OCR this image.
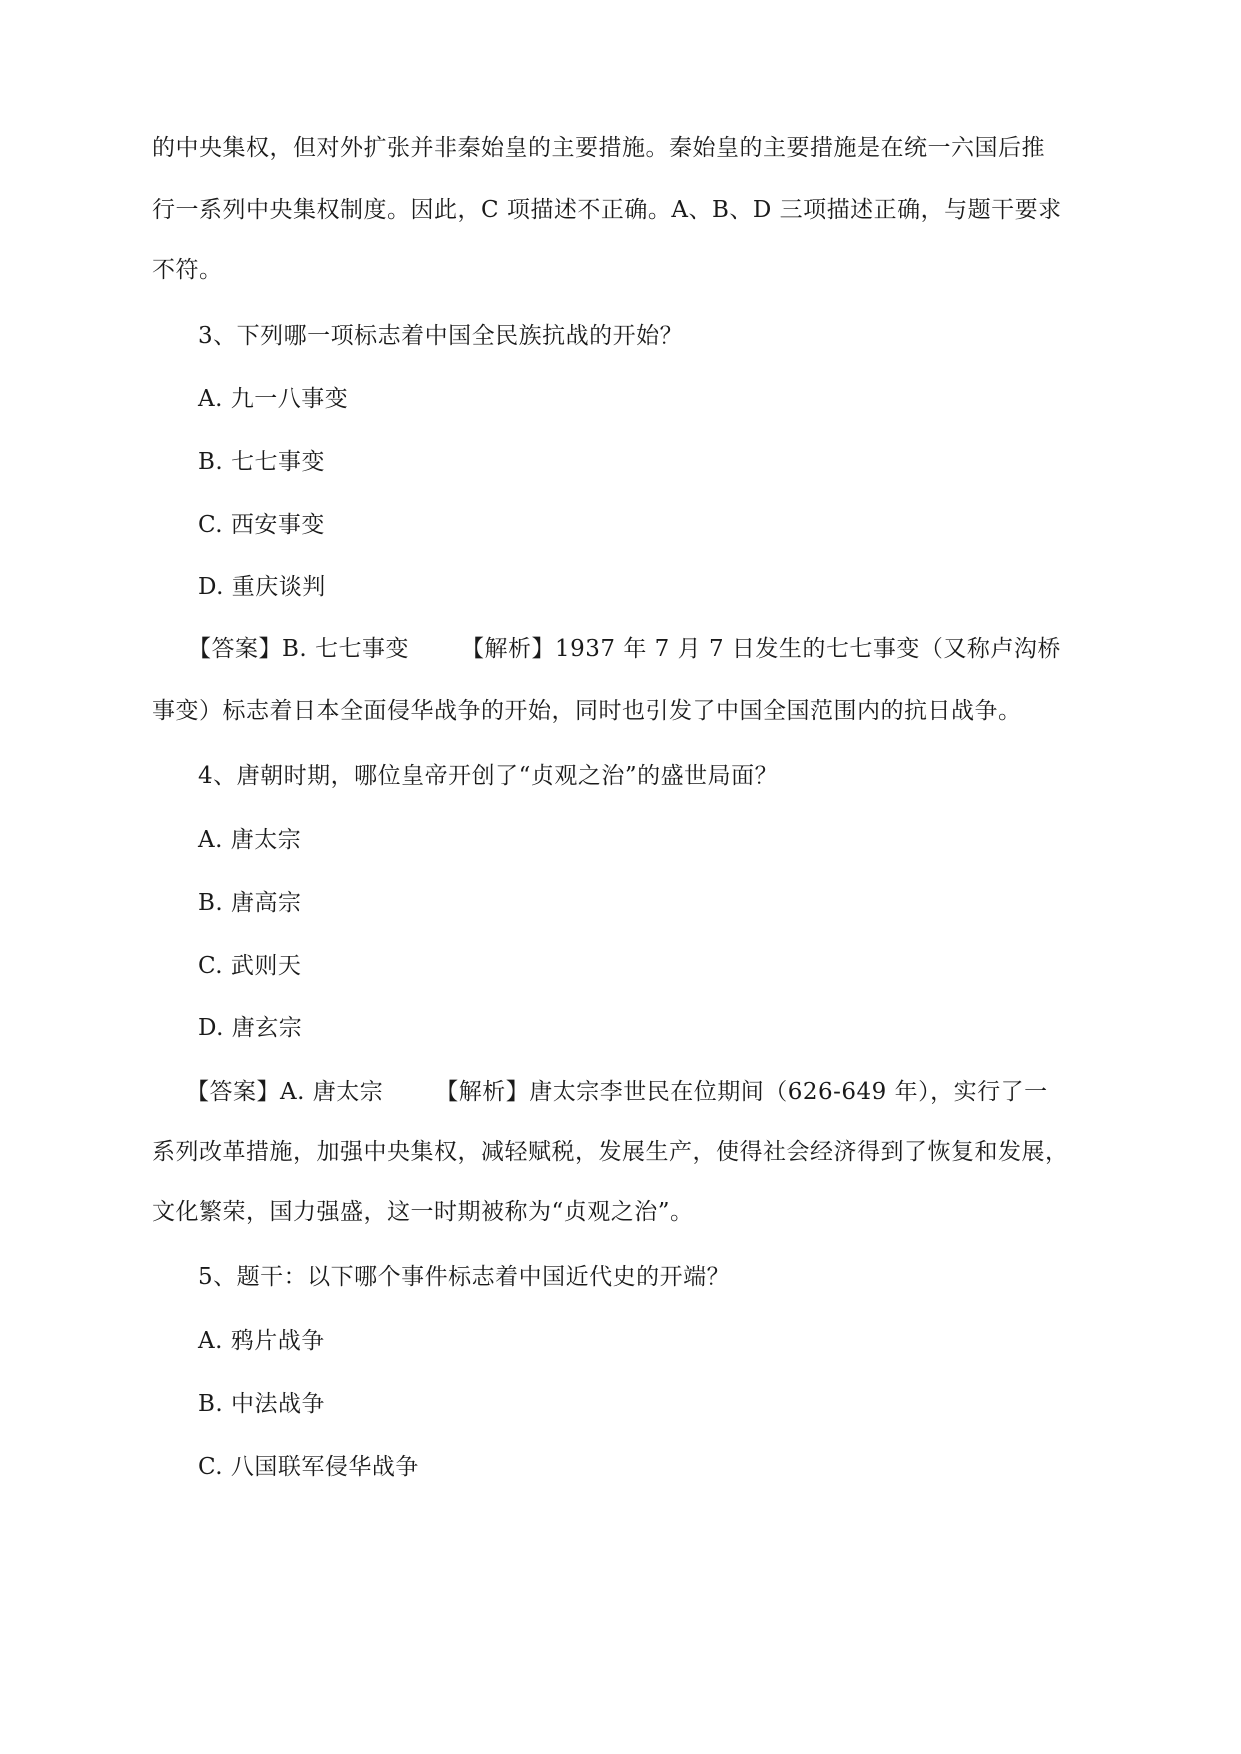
的中央集权，但对外扩张并非秦始皇的主要措施。秦始皇的主要措施是在统一六国后推
行一系列中央集权制度。因此，C 项描述不正确。A、B、D 三项描述正确，与题干要求
不符。
3、下列哪一项标志着中国全民族抗战的开始？
A. 九一八事变
B. 七七事变
C. 西安事变
D. 重庆谈判
【答案】B. 七七事变 【解析】1937 年 7 月 7 日发生的七七事变（又称卢沟桥
事变）标志着日本全面侵华战争的开始，同时也引发了中国全国范围内的抗日战争。
4、唐朝时期，哪位皇帝开创了“贞观之治”的盛世局面？
A. 唐太宗
B. 唐高宗
C. 武则天
D. 唐玄宗
【答案】A. 唐太宗 【解析】唐太宗李世民在位期间（626-649 年），实行了一
系列改革措施，加强中央集权，减轻赋税，发展生产，使得社会经济得到了恢复和发展，
文化繁荣，国力强盛，这一时期被称为“贞观之治”。
5、题干：以下哪个事件标志着中国近代史的开端？
A. 鸦片战争
B. 中法战争
C. 八国联军侵华战争
